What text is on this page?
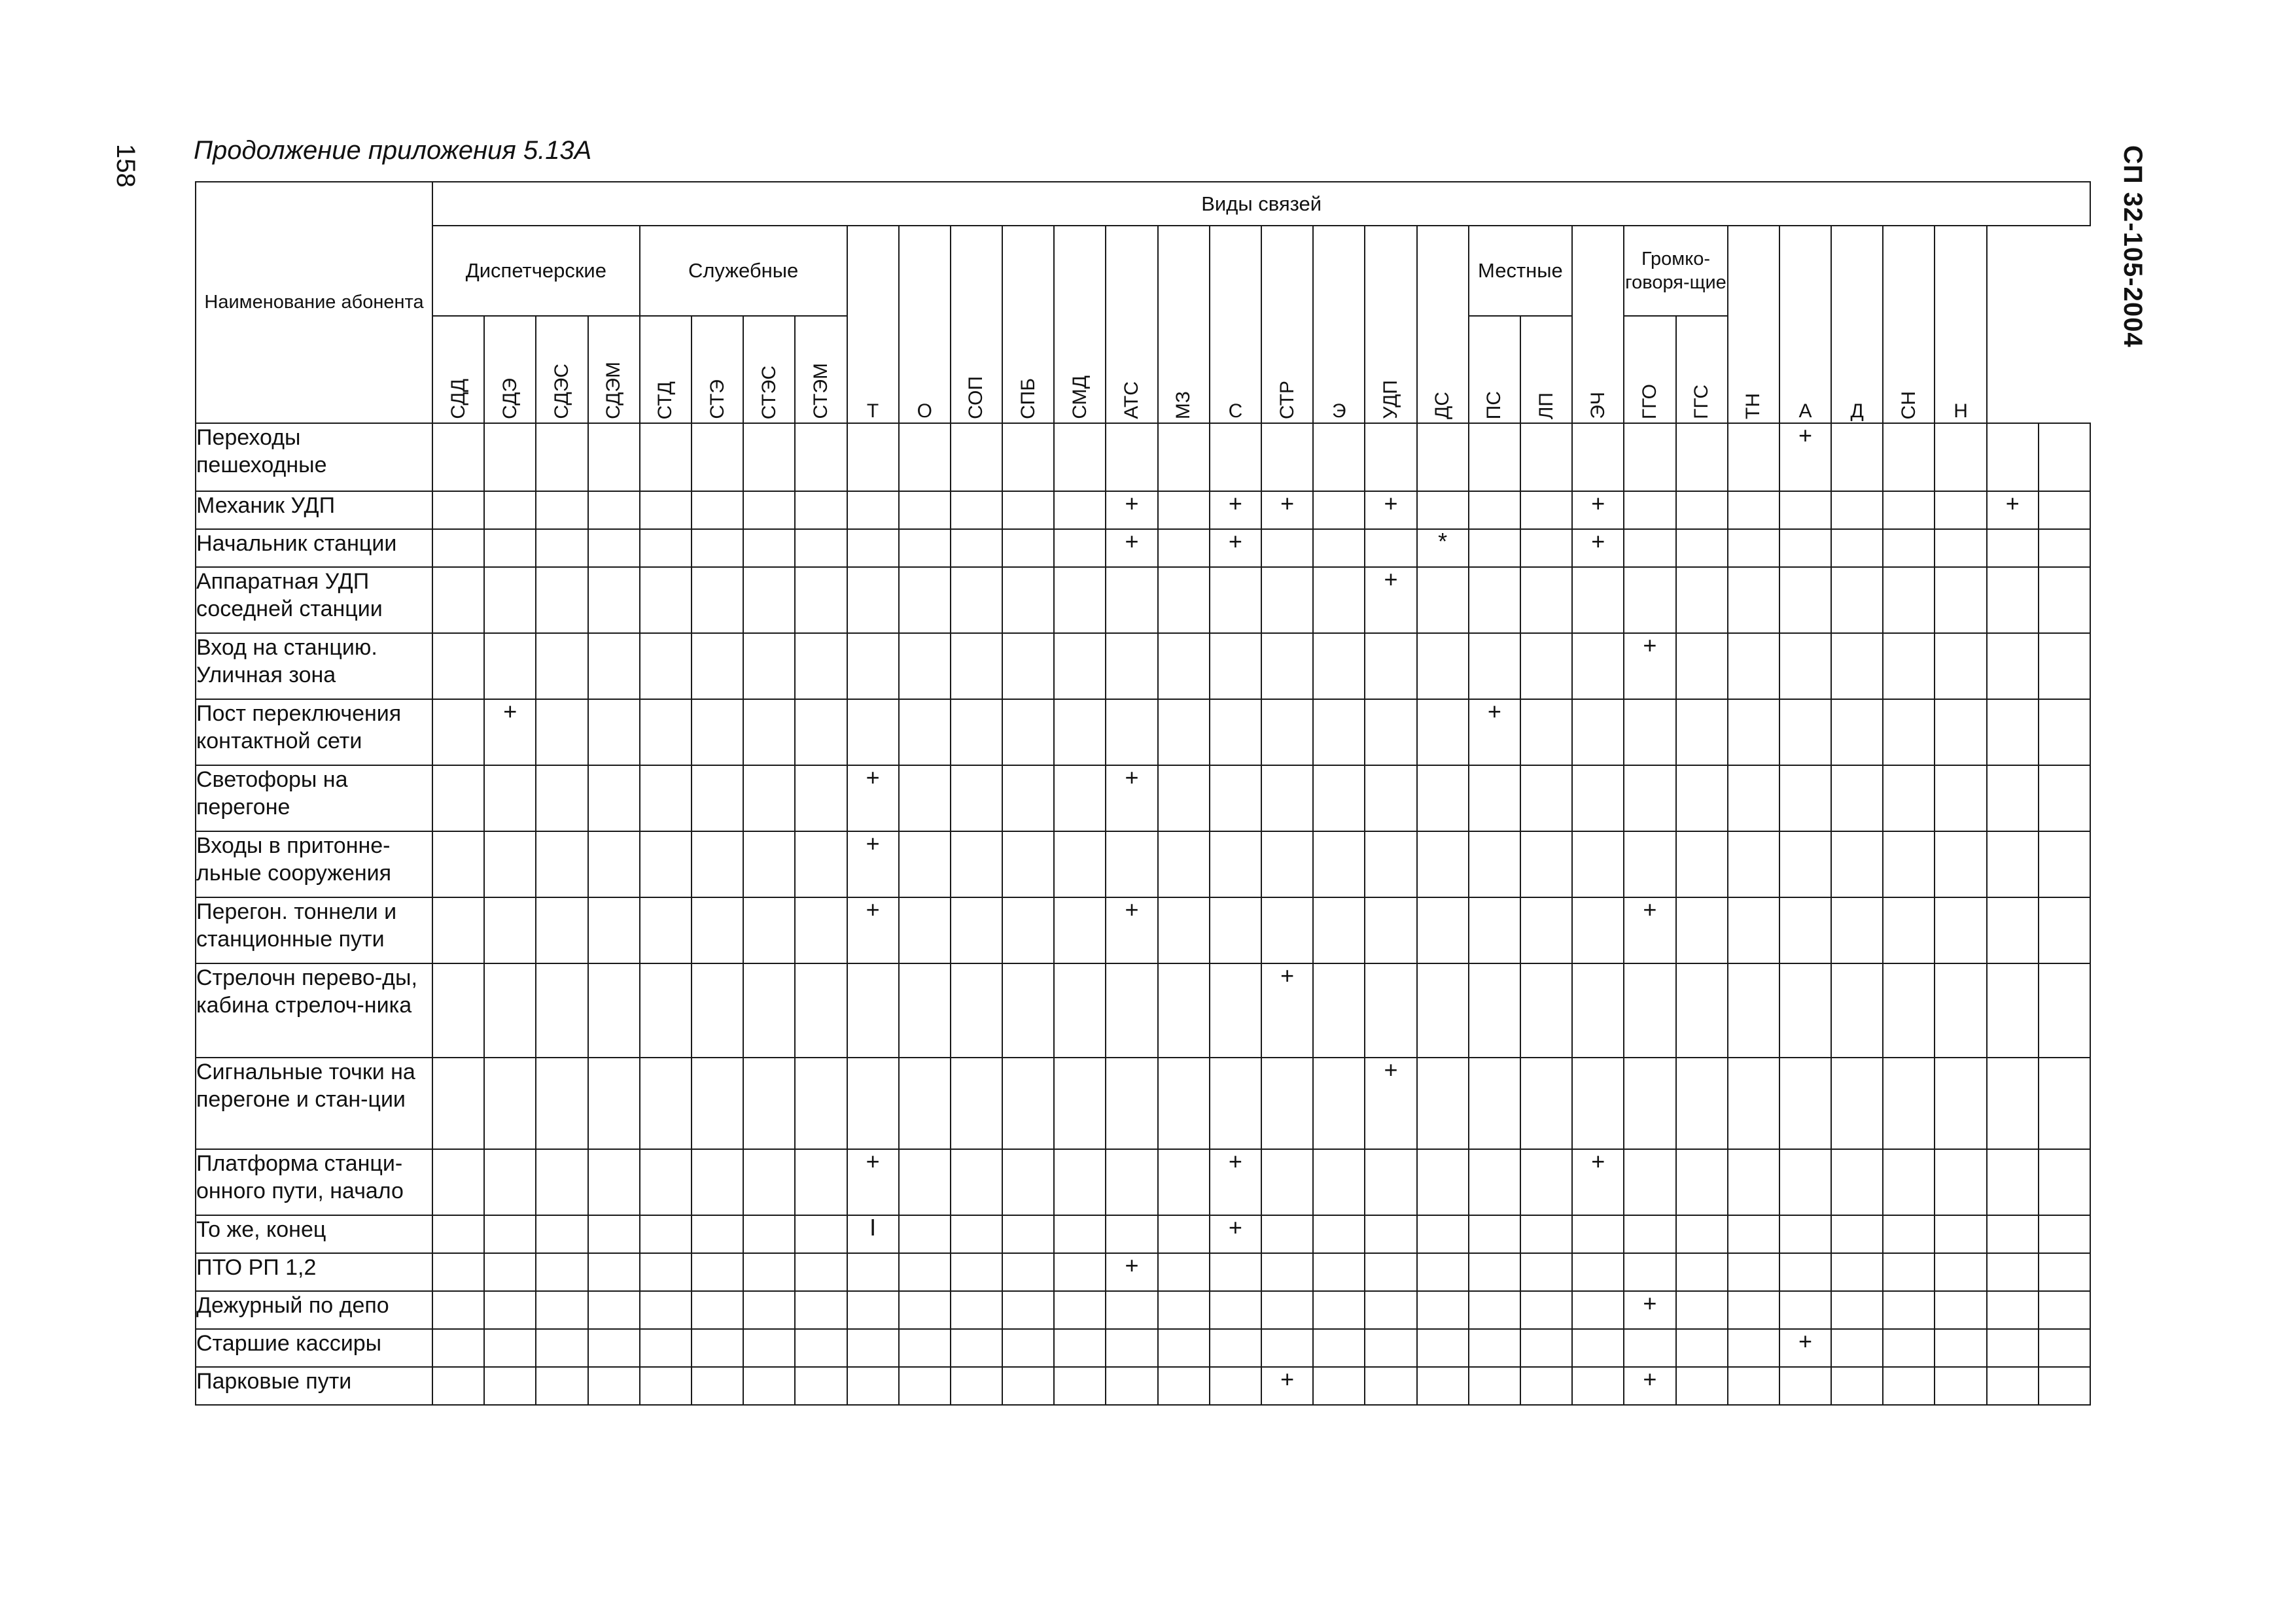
158 Продолжение приложения 5.13А	СП 32-105-2004
Наименование абонента	Виды связей																															
	Диспетчерские				Служебные				Т	О	СОП	СПБ	СМД	АТС	МЗ	С	СТР	Э	УДП	ДС	Местные		ЭЧ	Громко-говоря-щие		ТН	А	Д	СН	Н		
	СДД	СДЭ	СДЭС	СДЭМ	СТД	СТЭ	СТЭС	СТЭМ													ПС	ЛП		ГГО	ГГС							
Переходы пешеходные																											+					
Механик УДП														+		+	+		+				+								+	
Начальник станции														+		+				*			+									
Аппаратная УДП соседней станции																			+													
Вход на станцию. Уличная зона																								+								
Пост переключения контактной сети		+																			+											
Светофоры на перегоне									+					+																		
Входы в притонне-льные сооружения									+																							
Перегон. тоннели и станционные пути									+					+										+								
Стрелочн перево-ды, кабина стрелоч-ника																	+															
Сигнальные точки на перегоне и стан-ции																			+													
Платформа станци-онного пути, начало									+							+							+									
То же, конец									I							+																
ПТО РП 1,2														+																		
Дежурный по депо																								+								
Старшие кассиры																											+					
Парковые пути																	+							+								
